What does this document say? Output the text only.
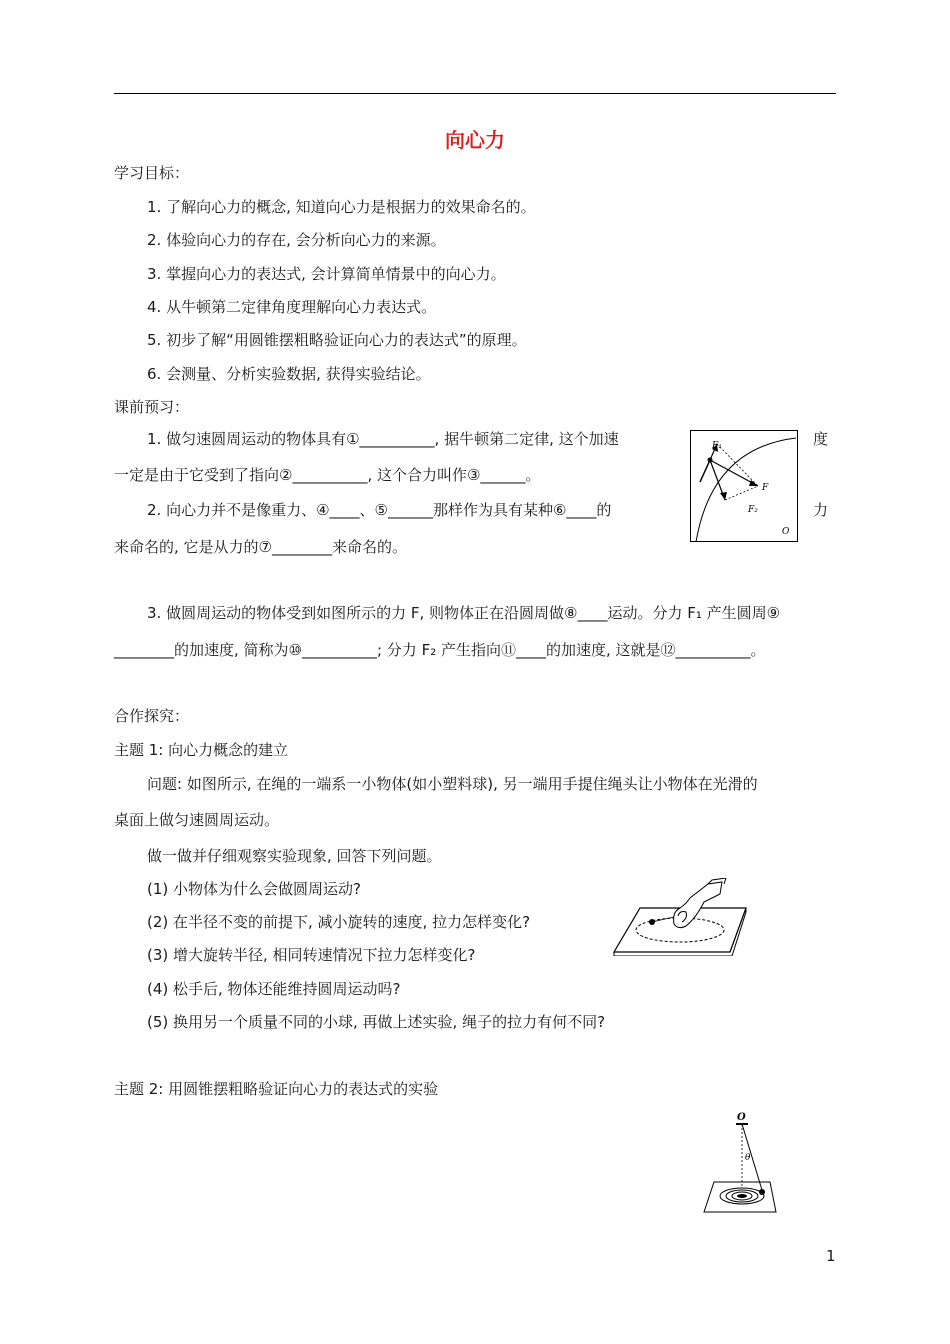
向心力
学习目标：
1. 了解向心力的概念, 知道向心力是根据力的效果命名的。
2. 体验向心力的存在, 会分析向心力的来源。
3. 掌握向心力的表达式, 会计算简单情景中的向心力。
4. 从牛顿第二定律角度理解向心力表达式。
5. 初步了解“用圆锥摆粗略验证向心力的表达式”的原理。
6. 会测量、分析实验数据, 获得实验结论。
课前预习：
1. 做匀速圆周运动的物体具有①__________, 据牛顿第二定律, 这个加速	度
一定是由于它受到了指向②__________, 这个合力叫作③______。
2. 向心力并不是像重力、④____、⑤______那样作为具有某种⑥____的	力
来命名的, 它是从力的⑦________来命名的。
F₁
F
F₂
O
3. 做圆周运动的物体受到如图所示的力 F, 则物体正在沿圆周做⑧____运动。分力 F₁ 产生圆周⑨
________的加速度, 简称为⑩__________; 分力 F₂ 产生指向⑪____的加速度, 这就是⑫__________。
合作探究：
主题 1: 向心力概念的建立
问题: 如图所示, 在绳的一端系一小物体(如小塑料球), 另一端用手提住绳头让小物体在光滑的
桌面上做匀速圆周运动。
做一做并仔细观察实验现象, 回答下列问题。
(1) 小物体为什么会做圆周运动?
(2) 在半径不变的前提下, 减小旋转的速度, 拉力怎样变化?
(3) 增大旋转半径, 相同转速情况下拉力怎样变化?
(4) 松手后, 物体还能维持圆周运动吗?
(5) 换用另一个质量不同的小球, 再做上述实验, 绳子的拉力有何不同?
主题 2: 用圆锥摆粗略验证向心力的表达式的实验
O
θ
1
